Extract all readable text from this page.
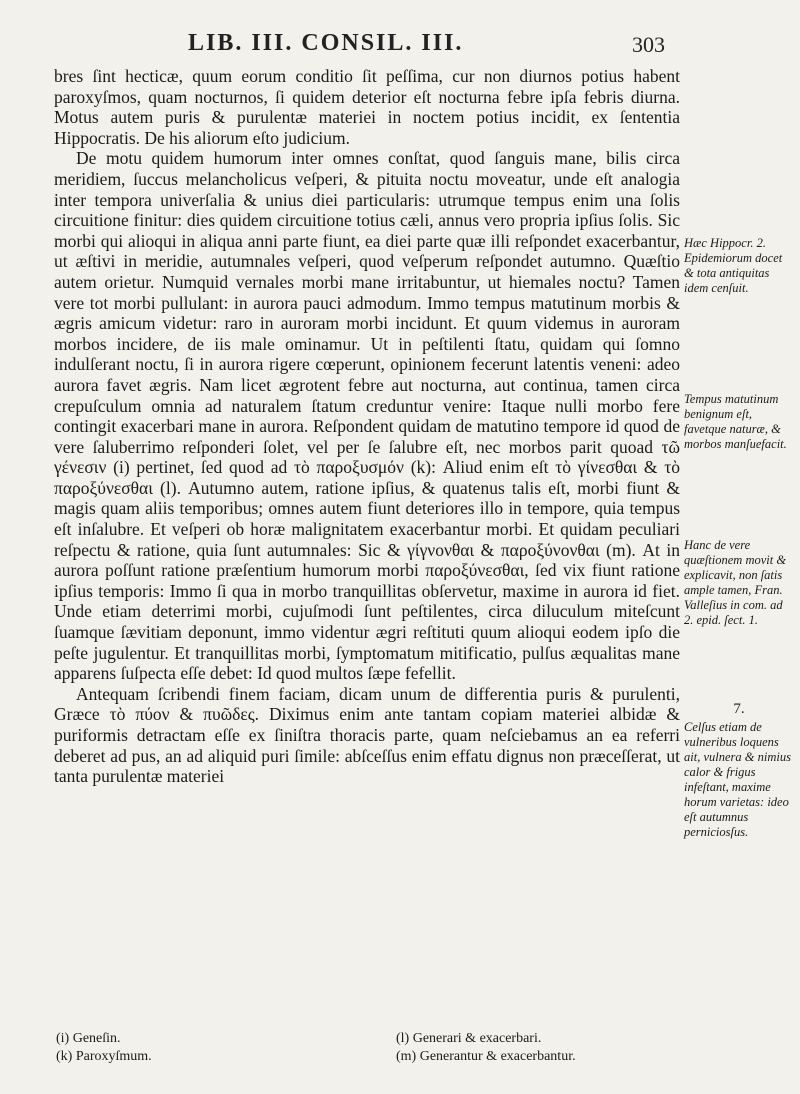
LIB. III. CONSIL. III.	303

bres ſint hecticæ, quum eorum conditio ſit peſſima, cur non diurnos potius habent paroxyſmos, quam nocturnos, ſi quidem deterior eſt nocturna febre ipſa febris diurna. Motus autem puris & purulentæ materiei in noctem potius incidit, ex ſententia Hippocratis. De his aliorum eſto judicium.

De motu quidem humorum inter omnes conſtat, quod ſanguis mane, bilis circa meridiem, ſuccus melancholicus veſperi, & pituita noctu moveatur, unde eſt analogia inter tempora univerſalia & unius diei particularis: utrumque tempus enim una ſolis circuitione finitur: dies quidem circuitione totius cæli, annus vero propria ipſius ſolis. Sic morbi qui alioqui in aliqua anni parte fiunt, ea diei parte quæ illi reſpondet exacerbantur, ut æſtivi in meridie, autumnales veſperi, quod veſperum reſpondet autumno. Quæſtio autem orietur. Numquid vernales morbi mane irritabuntur, ut hiemales noctu? Tamen vere tot morbi pullulant: in aurora pauci admodum. Immo tempus matutinum morbis & ægris amicum videtur: raro in auroram morbi incidunt. Et quum videmus in auroram morbos incidere, de iis male ominamur. Ut in peſtilenti ſtatu, quidam qui ſomno indulſerant noctu, ſi in aurora rigere cœperunt, opinionem fecerunt latentis veneni: adeo aurora favet ægris. Nam licet ægrotent febre aut nocturna, aut continua, tamen circa crepuſculum omnia ad naturalem ſtatum creduntur venire: Itaque nulli morbo fere contingit exacerbari mane in aurora. Reſpondent quidam de matutino tempore id quod de vere ſaluberrimo reſponderi ſolet, vel per ſe ſalubre eſt, nec morbos parit quoad τῶ γένεσιν (i) pertinet, ſed quod ad τὸ παροξυσμόν (k): Aliud enim eſt τὸ γίνεσθαι & τὸ παροξύνεσθαι (l). Autumno autem, ratione ipſius, & quatenus talis eſt, morbi fiunt & magis quam aliis temporibus; omnes autem fiunt deteriores illo in tempore, quia tempus eſt inſalubre. Et veſperi ob horæ malignitatem exacerbantur morbi. Et quidam peculiari reſpectu & ratione, quia ſunt autumnales: Sic & γίγνονθαι & παροξύνονθαι (m). At in aurora poſſunt ratione præſentium humorum morbi παροξύνεσθαι, ſed vix fiunt ratione ipſius temporis: Immo ſi qua in morbo tranquillitas obſervetur, maxime in aurora id fiet. Unde etiam deterrimi morbi, cujuſmodi ſunt peſtilentes, circa diluculum miteſcunt ſuamque ſævitiam deponunt, immo videntur ægri reſtituti quum alioqui eodem ipſo die peſte jugulentur. Et tranquillitas morbi, ſymptomatum mitificatio, pulſus æqualitas mane apparens ſuſpecta eſſe debet: Id quod multos ſæpe fefellit.

Antequam ſcribendi finem faciam, dicam unum de differentia puris & purulenti, Græce τὸ πύον & πυῶδες. Diximus enim ante tantam copiam materiei albidæ & puriformis detractam eſſe ex ſiniſtra thoracis parte, quam neſciebamus an ea referri deberet ad pus, an ad aliquid puri ſimile: abſceſſus enim effatu dignus non præceſſerat, ut tanta purulentæ materiei

Hæc Hippocr. 2. Epidemiorum docet & tota antiquitas idem cenſuit.
Tempus matutinum benignum eſt, favetque naturæ, & morbos manſuefacit.
Hanc de vere quæſtionem movit & explicavit, non ſatis ample tamen, Fran. Valleſius in com. ad 2. epid. ſect. 1.
7.
Celſus etiam de vulneribus loquens ait, vulnera & nimius calor & frigus infeſtant, maxime horum varietas: ideo eſt autumnus perniciosſus.
(i) Geneſin.
(k) Paroxyſmum.
(l) Generari & exacerbari.
(m) Generantur & exacerbantur.
